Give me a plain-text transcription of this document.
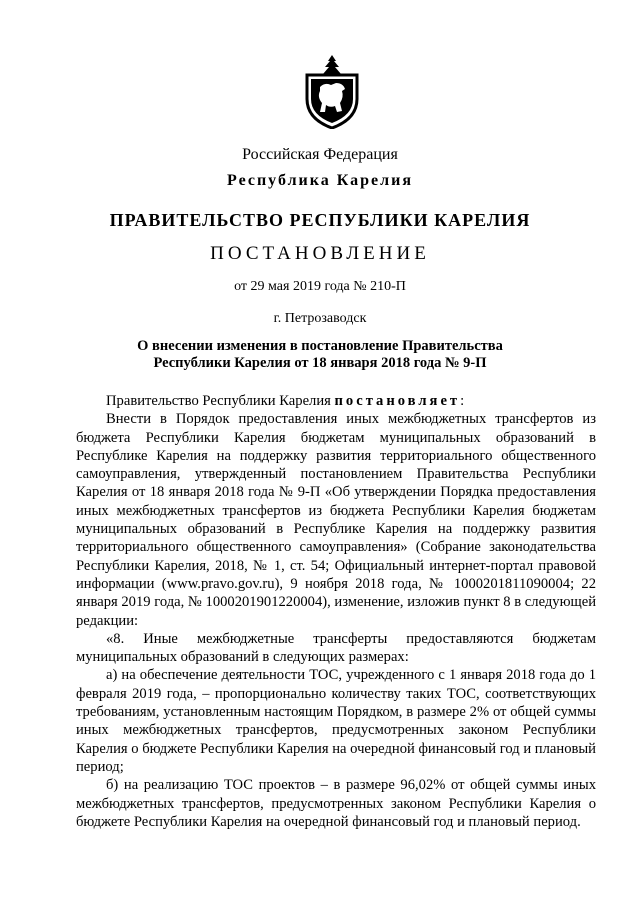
Российская Федерация
Республика Карелия
ПРАВИТЕЛЬСТВО РЕСПУБЛИКИ КАРЕЛИЯ
ПОСТАНОВЛЕНИЕ
от 29 мая 2019 года № 210-П
г. Петрозаводск
О внесении изменения в постановление Правительства
Республики Карелия от 18 января 2018 года № 9-П

Правительство Республики Карелия постановляет:

Внести в Порядок предоставления иных межбюджетных трансфертов из бюджета Республики Карелия бюджетам муниципальных образований в Республике Карелия на поддержку развития территориального общественного самоуправления, утвержденный постановлением Правительства Республики Карелия от 18 января 2018 года № 9-П «Об утверждении Порядка предоставления иных межбюджетных трансфертов из бюджета Республики Карелия бюджетам муниципальных образований в Республике Карелия на поддержку развития территориального общественного самоуправления» (Собрание законодательства Республики Карелия, 2018, № 1, ст. 54; Официальный интернет-портал правовой информации (www.pravo.gov.ru), 9 ноября 2018 года, № 1000201811090004; 22 января 2019 года, № 1000201901220004), изменение, изложив пункт 8 в следующей редакции:

«8. Иные межбюджетные трансферты предоставляются бюджетам муниципальных образований в следующих размерах:

а) на обеспечение деятельности ТОС, учрежденного с 1 января 2018 года до 1 февраля 2019 года, – пропорционально количеству таких ТОС, соответствующих требованиям, установленным настоящим Порядком, в размере 2% от общей суммы иных межбюджетных трансфертов, предусмотренных законом Республики Карелия о бюджете Республики Карелия на очередной финансовый год и плановый период;

б) на реализацию ТОС проектов – в размере 96,02% от общей суммы иных межбюджетных трансфертов, предусмотренных законом Республики Карелия о бюджете Республики Карелия на очередной финансовый год и плановый период.
